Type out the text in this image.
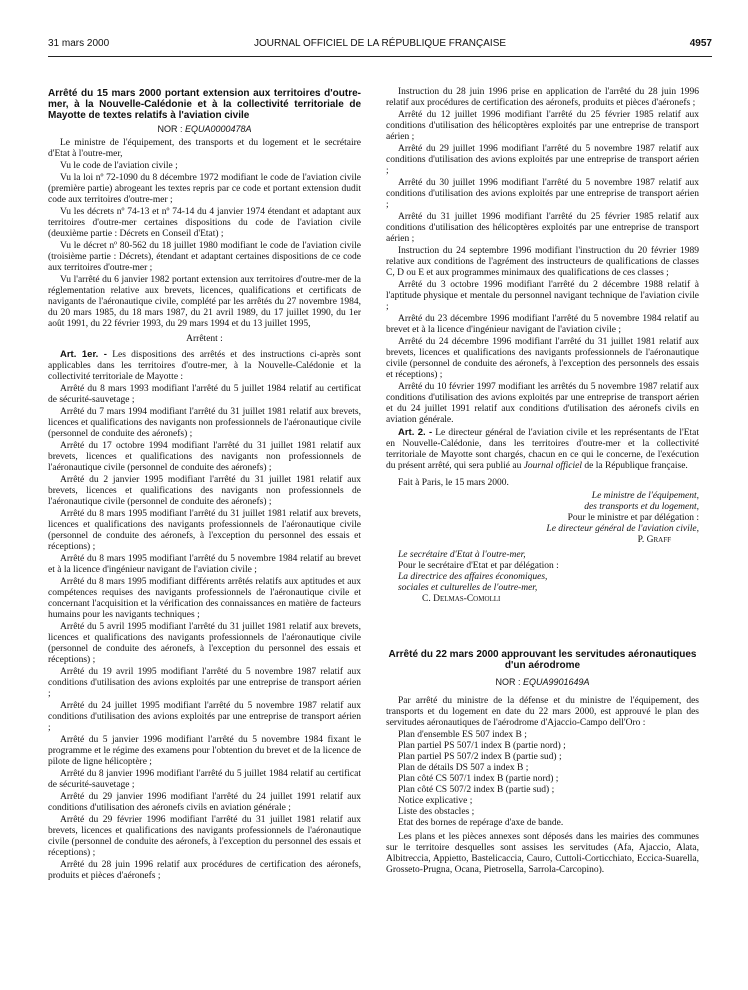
31 mars 2000	JOURNAL OFFICIEL DE LA RÉPUBLIQUE FRANÇAISE	4957

Arrêté du 15 mars 2000 portant extension aux territoires d'outre-mer, à la Nouvelle-Calédonie et à la collectivité territoriale de Mayotte de textes relatifs à l'aviation civile

NOR : EQUA0000478A

Le ministre de l'équipement, des transports et du logement et le secrétaire d'Etat à l'outre-mer,

Vu le code de l'aviation civile ;

Vu la loi nº 72-1090 du 8 décembre 1972 modifiant le code de l'aviation civile (première partie) abrogeant les textes repris par ce code et portant extension dudit code aux territoires d'outre-mer ;

Vu les décrets nº 74-13 et nº 74-14 du 4 janvier 1974 étendant et adaptant aux territoires d'outre-mer certaines dispositions du code de l'aviation civile (deuxième partie : Décrets en Conseil d'Etat) ;

Vu le décret nº 80-562 du 18 juillet 1980 modifiant le code de l'aviation civile (troisième partie : Décrets), étendant et adaptant certaines dispositions de ce code aux territoires d'outre-mer ;

Vu l'arrêté du 6 janvier 1982 portant extension aux territoires d'outre-mer de la réglementation relative aux brevets, licences, qualifications et certificats de navigants de l'aéronautique civile, complété par les arrêtés du 27 novembre 1984, du 20 mars 1985, du 18 mars 1987, du 21 avril 1989, du 17 juillet 1990, du 1er août 1991, du 22 février 1993, du 29 mars 1994 et du 13 juillet 1995,

Arrêtent :

Art. 1er. - Les dispositions des arrêtés et des instructions ci-après sont applicables dans les territoires d'outre-mer, à la Nouvelle-Calédonie et la collectivité territoriale de Mayotte :

Arrêté du 8 mars 1993 modifiant l'arrêté du 5 juillet 1984 relatif au certificat de sécurité-sauvetage ;

Arrêté du 7 mars 1994 modifiant l'arrêté du 31 juillet 1981 relatif aux brevets, licences et qualifications des navigants non professionnels de l'aéronautique civile (personnel de conduite des aéronefs) ;

Arrêté du 17 octobre 1994 modifiant l'arrêté du 31 juillet 1981 relatif aux brevets, licences et qualifications des navigants non professionnels de l'aéronautique civile (personnel de conduite des aéronefs) ;

Arrêté du 2 janvier 1995 modifiant l'arrêté du 31 juillet 1981 relatif aux brevets, licences et qualifications des navigants non professionnels de l'aéronautique civile (personnel de conduite des aéronefs) ;

Arrêté du 8 mars 1995 modifiant l'arrêté du 31 juillet 1981 relatif aux brevets, licences et qualifications des navigants professionnels de l'aéronautique civile (personnel de conduite des aéronefs, à l'exception du personnel des essais et réceptions) ;

Arrêté du 8 mars 1995 modifiant l'arrêté du 5 novembre 1984 relatif au brevet et à la licence d'ingénieur navigant de l'aviation civile ;

Arrêté du 8 mars 1995 modifiant différents arrêtés relatifs aux aptitudes et aux compétences requises des navigants professionnels de l'aéronautique civile et concernant l'acquisition et la vérification des connaissances en matière de facteurs humains pour les navigants techniques ;

Arrêté du 5 avril 1995 modifiant l'arrêté du 31 juillet 1981 relatif aux brevets, licences et qualifications des navigants professionnels de l'aéronautique civile (personnel de conduite des aéronefs, à l'exception du personnel des essais et réceptions) ;

Arrêté du 19 avril 1995 modifiant l'arrêté du 5 novembre 1987 relatif aux conditions d'utilisation des avions exploités par une entreprise de transport aérien ;

Arrêté du 24 juillet 1995 modifiant l'arrêté du 5 novembre 1987 relatif aux conditions d'utilisation des avions exploités par une entreprise de transport aérien ;

Arrêté du 5 janvier 1996 modifiant l'arrêté du 5 novembre 1984 fixant le programme et le régime des examens pour l'obtention du brevet et de la licence de pilote de ligne hélicoptère ;

Arrêté du 8 janvier 1996 modifiant l'arrêté du 5 juillet 1984 relatif au certificat de sécurité-sauvetage ;

Arrêté du 29 janvier 1996 modifiant l'arrêté du 24 juillet 1991 relatif aux conditions d'utilisation des aéronefs civils en aviation générale ;

Arrêté du 29 février 1996 modifiant l'arrêté du 31 juillet 1981 relatif aux brevets, licences et qualifications des navigants professionnels de l'aéronautique civile (personnel de conduite des aéronefs, à l'exception du personnel des essais et réceptions) ;

Arrêté du 28 juin 1996 relatif aux procédures de certification des aéronefs, produits et pièces d'aéronefs ;

Instruction du 28 juin 1996 prise en application de l'arrêté du 28 juin 1996 relatif aux procédures de certification des aéronefs, produits et pièces d'aéronefs ;

Arrêté du 12 juillet 1996 modifiant l'arrêté du 25 février 1985 relatif aux conditions d'utilisation des hélicoptères exploités par une entreprise de transport aérien ;

Arrêté du 29 juillet 1996 modifiant l'arrêté du 5 novembre 1987 relatif aux conditions d'utilisation des avions exploités par une entreprise de transport aérien ;

Arrêté du 30 juillet 1996 modifiant l'arrêté du 5 novembre 1987 relatif aux conditions d'utilisation des avions exploités par une entreprise de transport aérien ;

Arrêté du 31 juillet 1996 modifiant l'arrêté du 25 février 1985 relatif aux conditions d'utilisation des hélicoptères exploités par une entreprise de transport aérien ;

Instruction du 24 septembre 1996 modifiant l'instruction du 20 février 1989 relative aux conditions de l'agrément des instructeurs de qualifications de classes C, D ou E et aux programmes minimaux des qualifications de ces classes ;

Arrêté du 3 octobre 1996 modifiant l'arrêté du 2 décembre 1988 relatif à l'aptitude physique et mentale du personnel navigant technique de l'aviation civile ;

Arrêté du 23 décembre 1996 modifiant l'arrêté du 5 novembre 1984 relatif au brevet et à la licence d'ingénieur navigant de l'aviation civile ;

Arrêté du 24 décembre 1996 modifiant l'arrêté du 31 juillet 1981 relatif aux brevets, licences et qualifications des navigants professionnels de l'aéronautique civile (personnel de conduite des aéronefs, à l'exception des personnels des essais et réceptions) ;

Arrêté du 10 février 1997 modifiant les arrêtés du 5 novembre 1987 relatif aux conditions d'utilisation des avions exploités par une entreprise de transport aérien et du 24 juillet 1991 relatif aux conditions d'utilisation des aéronefs civils en aviation générale.

Art. 2. - Le directeur général de l'aviation civile et les représentants de l'Etat en Nouvelle-Calédonie, dans les territoires d'outre-mer et la collectivité territoriale de Mayotte sont chargés, chacun en ce qui le concerne, de l'exécution du présent arrêté, qui sera publié au Journal officiel de la République française.

Fait à Paris, le 15 mars 2000.

Le ministre de l'équipement,

des transports et du logement,

Pour le ministre et par délégation :

Le directeur général de l'aviation civile,

P. Graff

Le secrétaire d'Etat à l'outre-mer,

Pour le secrétaire d'Etat et par délégation :

La directrice des affaires économiques,

sociales et culturelles de l'outre-mer,

C. Delmas-Comolli

Arrêté du 22 mars 2000 approuvant les servitudes aéronautiques d'un aérodrome

NOR : EQUA9901649A

Par arrêté du ministre de la défense et du ministre de l'équipement, des transports et du logement en date du 22 mars 2000, est approuvé le plan des servitudes aéronautiques de l'aérodrome d'Ajaccio-Campo dell'Oro :

Plan d'ensemble ES 507 index B ;

Plan partiel PS 507/1 index B (partie nord) ;

Plan partiel PS 507/2 index B (partie sud) ;

Plan de détails DS 507 a index B ;

Plan côté CS 507/1 index B (partie nord) ;

Plan côté CS 507/2 index B (partie sud) ;

Notice explicative ;

Liste des obstacles ;

Etat des bornes de repérage d'axe de bande.

Les plans et les pièces annexes sont déposés dans les mairies des communes sur le territoire desquelles sont assises les servitudes (Afa, Ajaccio, Alata, Albitreccia, Appietto, Bastelicaccia, Cauro, Cuttoli-Corticchiato, Eccica-Suarella, Grosseto-Prugna, Ocana, Pietrosella, Sarrola-Carcopino).
